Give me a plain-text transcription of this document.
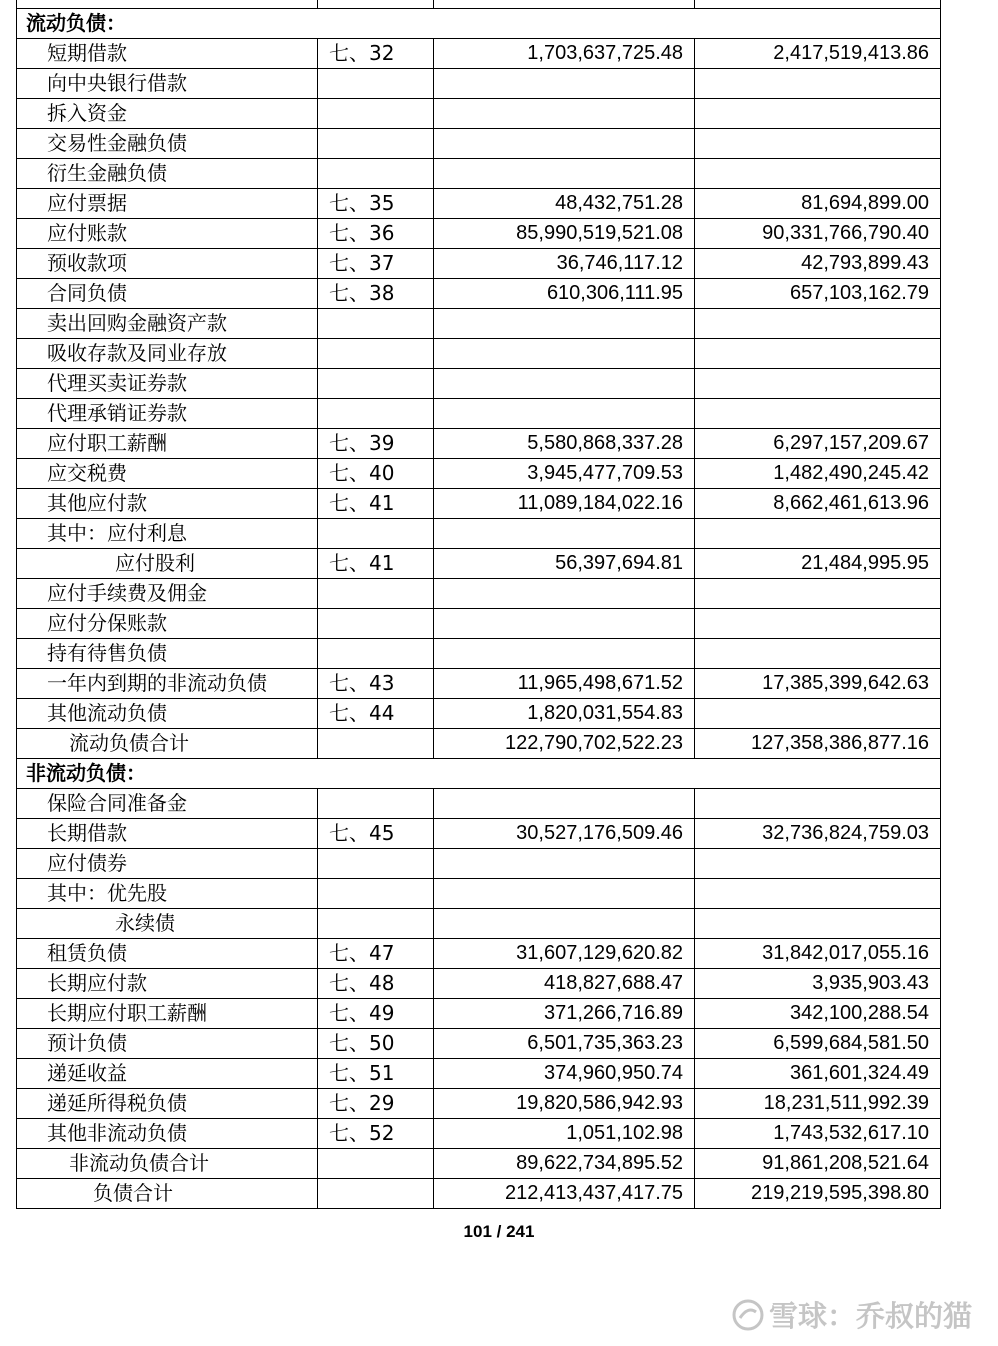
流动负债：			
短期借款	七、32	1,703,637,725.48	2,417,519,413.86
向中央银行借款			
拆入资金			
交易性金融负债			
衍生金融负债			
应付票据	七、35	48,432,751.28	81,694,899.00
应付账款	七、36	85,990,519,521.08	90,331,766,790.40
预收款项	七、37	36,746,117.12	42,793,899.43
合同负债	七、38	610,306,111.95	657,103,162.79
卖出回购金融资产款			
吸收存款及同业存放			
代理买卖证券款			
代理承销证券款			
应付职工薪酬	七、39	5,580,868,337.28	6,297,157,209.67
应交税费	七、40	3,945,477,709.53	1,482,490,245.42
其他应付款	七、41	11,089,184,022.16	8,662,461,613.96
其中：应付利息			
应付股利	七、41	56,397,694.81	21,484,995.95
应付手续费及佣金			
应付分保账款			
持有待售负债			
一年内到期的非流动负债	七、43	11,965,498,671.52	17,385,399,642.63
其他流动负债	七、44	1,820,031,554.83	
流动负债合计		122,790,702,522.23	127,358,386,877.16
非流动负债：			
保险合同准备金			
长期借款	七、45	30,527,176,509.46	32,736,824,759.03
应付债券			
其中：优先股			
永续债			
租赁负债	七、47	31,607,129,620.82	31,842,017,055.16
长期应付款	七、48	418,827,688.47	3,935,903.43
长期应付职工薪酬	七、49	371,266,716.89	342,100,288.54
预计负债	七、50	6,501,735,363.23	6,599,684,581.50
递延收益	七、51	374,960,950.74	361,601,324.49
递延所得税负债	七、29	19,820,586,942.93	18,231,511,992.39
其他非流动负债	七、52	1,051,102.98	1,743,532,617.10
非流动负债合计		89,622,734,895.52	91,861,208,521.64
负债合计		212,413,437,417.75	219,219,595,398.80
101 / 241
雪球：乔叔的猫
